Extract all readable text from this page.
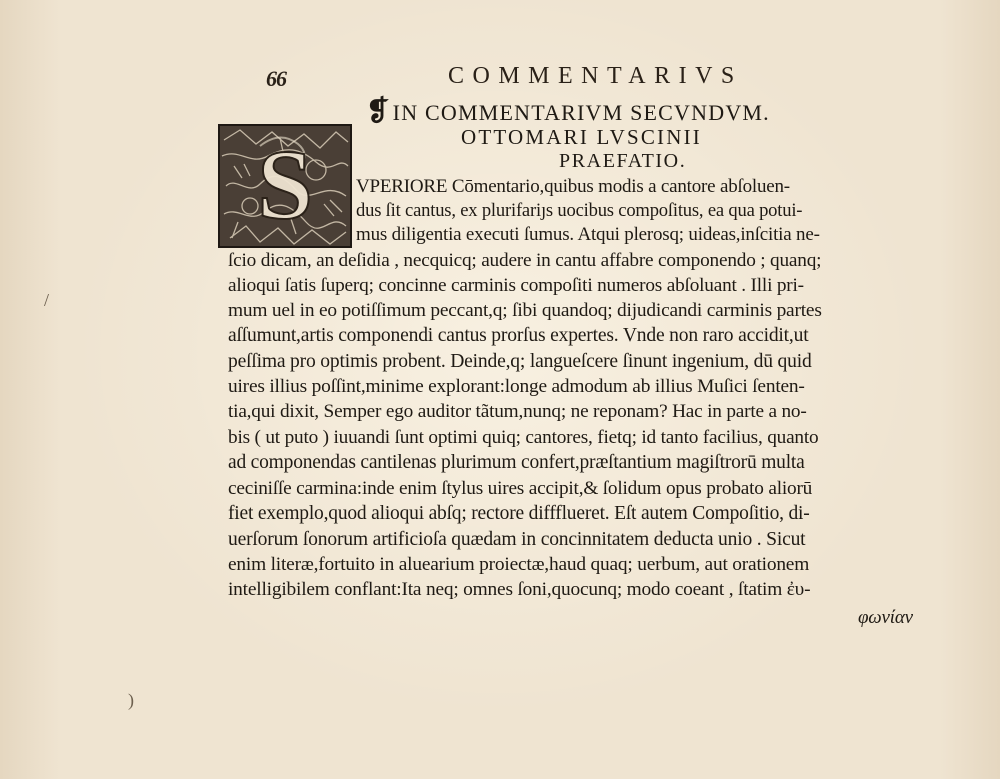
66	COMMENTARIVS
❡IN COMMENTARIVM SECVNDVM.
OTTOMARI LVSCINII
PRAEFATIO.
S VPERIORE Cōmentario,quibus modis a cantore abſoluen-
dus ſit cantus, ex plurifariȷs uocibus compoſitus, ea qua potui-
mus diligentia executi ſumus. Atqui plerosq; uideas,inſcitia ne-
ſcio dicam, an deſidia , necquicq; audere in cantu affabre componendo ; quanq;
alioqui ſatis ſuperq; concinne carminis compoſiti numeros abſoluant . Illi pri-
mum uel in eo potiſſimum peccant,q; ſibi quandoq; dijudicandi carminis partes
aſſumunt,artis componendi cantus prorſus expertes. Vnde non raro accidit,ut
peſſima pro optimis probent. Deinde,q; langueſcere ſinunt ingenium, dū quid
uires illius poſſint,minime explorant:longe admodum ab illius Muſici ſenten-
tia,qui dixit, Semper ego auditor tãtum,nunq; ne reponam? Hac in parte a no-
bis ( ut puto ) iuuandi ſunt optimi quiq; cantores, fietq; id tanto facilius, quanto
ad componendas cantilenas plurimum confert,præſtantium magiſtrorū multa
ceciniſſe carmina:inde enim ſtylus uires accipit,& ſolidum opus probato aliorū
fiet exemplo,quod alioqui abſq; rectore diffflueret. Eſt autem Compoſitio, di-
uerſorum ſonorum artificioſa quædam in concinnitatem deducta unio . Sicut
enim literæ,fortuito in aluearium proiectæ,haud quaq; uerbum, aut orationem
intelligibilem conflant:Ita neq; omnes ſoni,quocunq; modo coeant , ſtatim ἐυ-
φωνίαν
/
)
